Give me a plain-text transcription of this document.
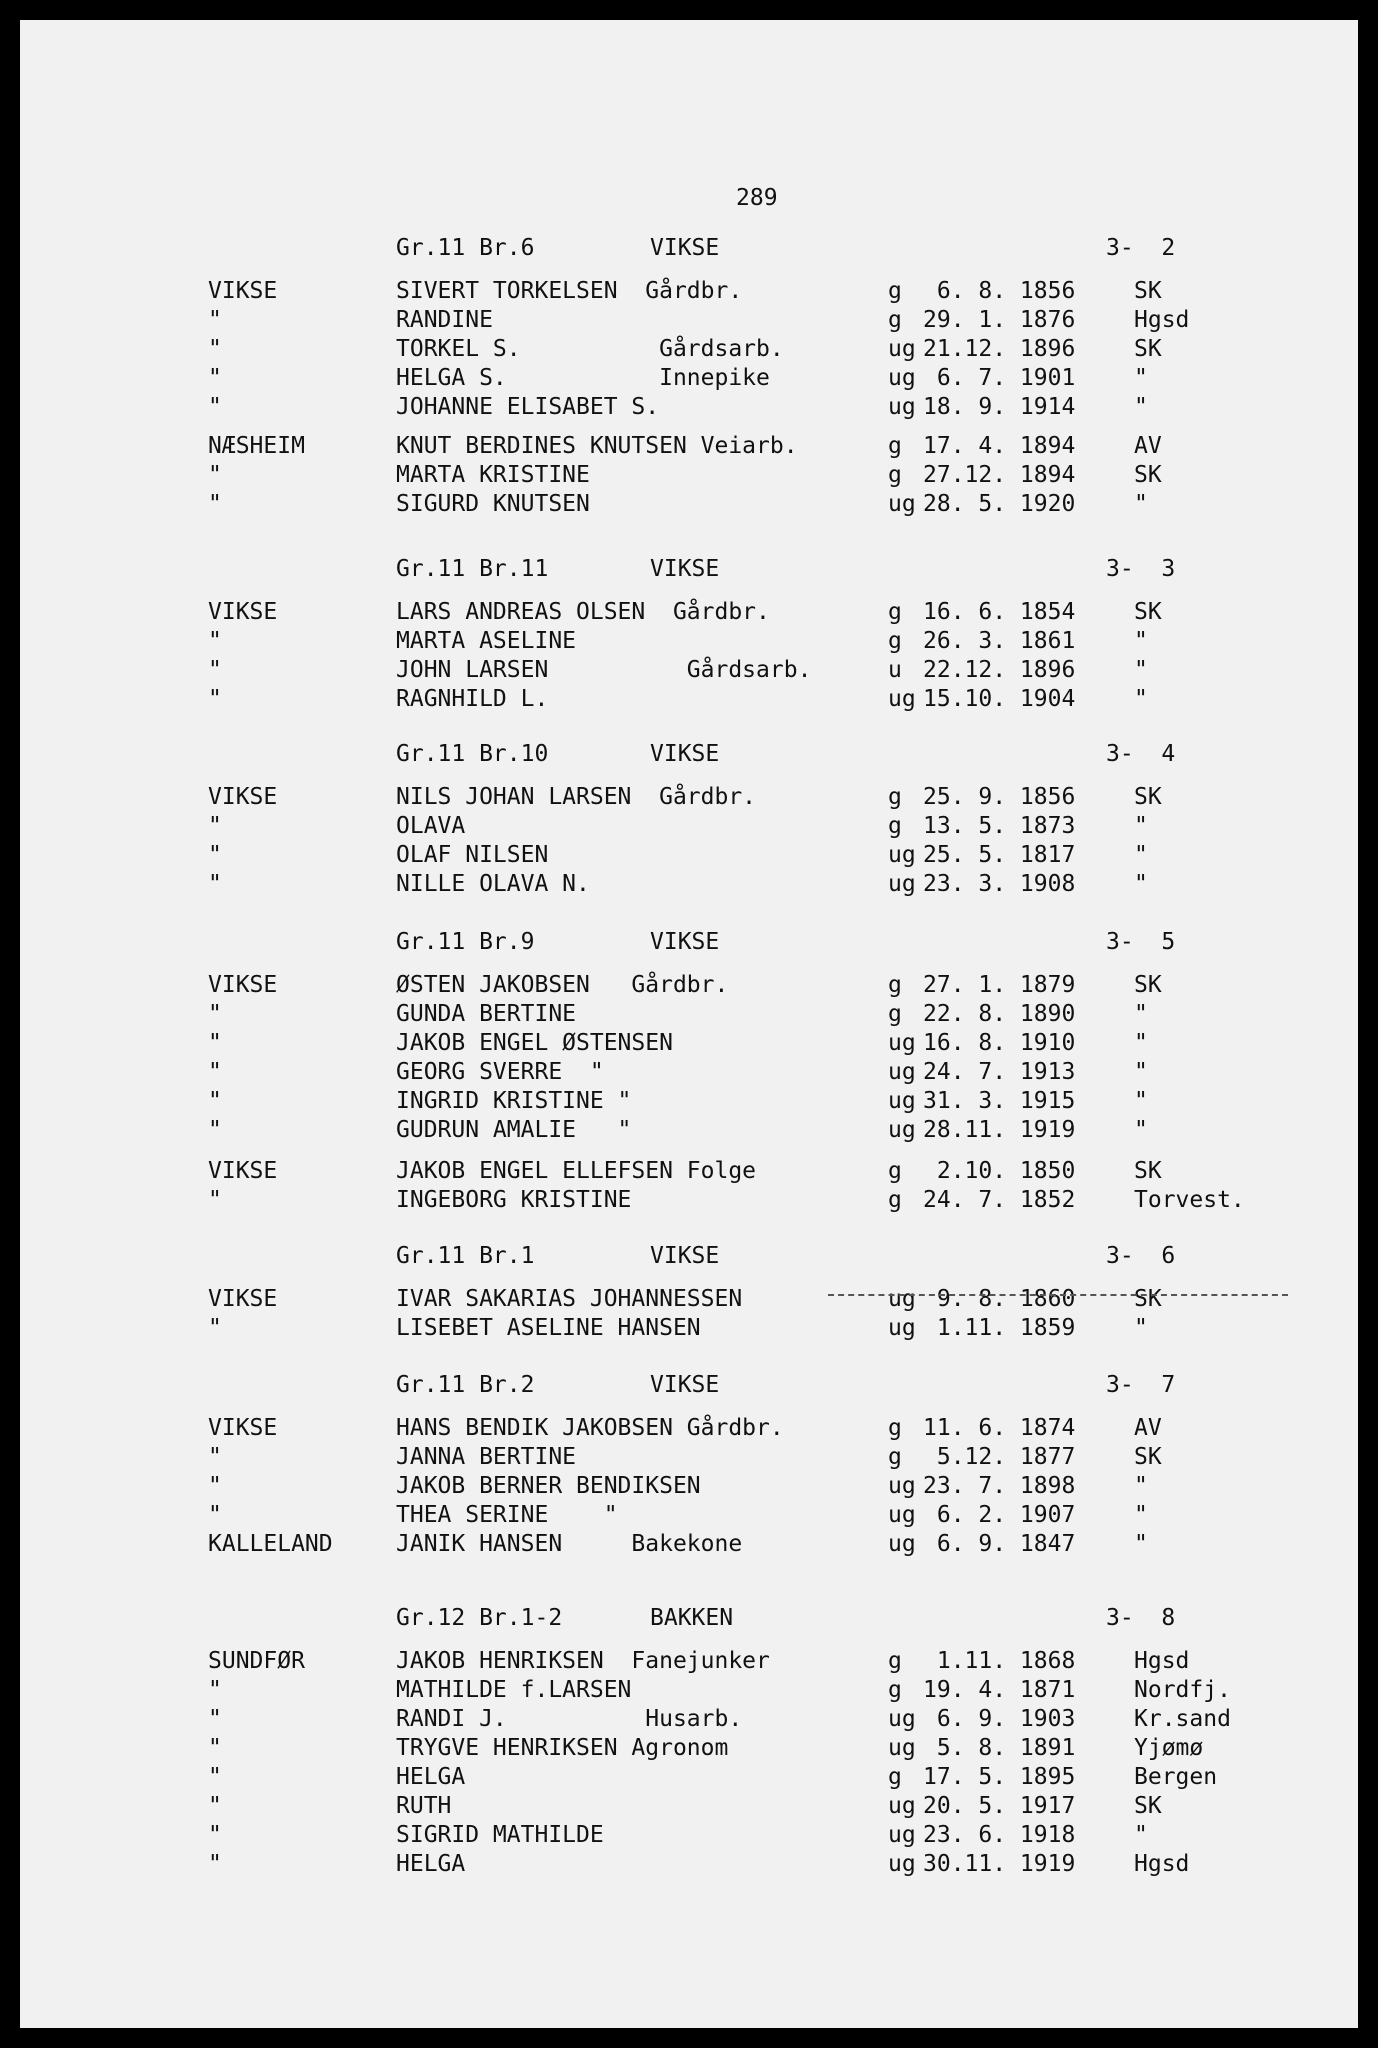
289
Gr.11 Br.6	VIKSE	3-  2
VIKSE	SIVERT TORKELSEN  Gårdbr.	g 6. 8. 1856	SK
"	RANDINE	g 29. 1. 1876	Hgsd
"	TORKEL S.          Gårdsarb.	ug 21.12. 1896	SK
"	HELGA S.           Innepike	ug 6. 7. 1901	"
"	JOHANNE ELISABET S.	ug 18. 9. 1914	"
NÆSHEIM	KNUT BERDINES KNUTSEN Veiarb.	g 17. 4. 1894	AV
"	MARTA KRISTINE	g 27.12. 1894	SK
"	SIGURD KNUTSEN	ug 28. 5. 1920	"
Gr.11 Br.11	VIKSE	3-  3
VIKSE	LARS ANDREAS OLSEN  Gårdbr.	g 16. 6. 1854	SK
"	MARTA ASELINE	g 26. 3. 1861	"
"	JOHN LARSEN          Gårdsarb.	u 22.12. 1896	"
"	RAGNHILD L.	ug 15.10. 1904	"
Gr.11 Br.10	VIKSE	3-  4
VIKSE	NILS JOHAN LARSEN  Gårdbr.	g 25. 9. 1856	SK
"	OLAVA	g 13. 5. 1873	"
"	OLAF NILSEN	ug 25. 5. 1817	"
"	NILLE OLAVA N.	ug 23. 3. 1908	"
Gr.11 Br.9	VIKSE	3-  5
VIKSE	ØSTEN JAKOBSEN   Gårdbr.	g 27. 1. 1879	SK
"	GUNDA BERTINE	g 22. 8. 1890	"
"	JAKOB ENGEL ØSTENSEN	ug 16. 8. 1910	"
"	GEORG SVERRE  "	ug 24. 7. 1913	"
"	INGRID KRISTINE "	ug 31. 3. 1915	"
"	GUDRUN AMALIE   "	ug 28.11. 1919	"
VIKSE	JAKOB ENGEL ELLEFSEN Folge	g 2.10. 1850	SK
"	INGEBORG KRISTINE	g 24. 7. 1852	Torvest.
Gr.11 Br.1	VIKSE	3-  6
VIKSE	IVAR SAKARIAS JOHANNESSEN	ug 9. 8. 1860	SK
"	LISEBET ASELINE HANSEN	ug 1.11. 1859	"
Gr.11 Br.2	VIKSE	3-  7
VIKSE	HANS BENDIK JAKOBSEN Gårdbr.	g 11. 6. 1874	AV
"	JANNA BERTINE	g 5.12. 1877	SK
"	JAKOB BERNER BENDIKSEN	ug 23. 7. 1898	"
"	THEA SERINE    "	ug 6. 2. 1907	"
KALLELAND	JANIK HANSEN     Bakekone	ug 6. 9. 1847	"
Gr.12 Br.1-2	BAKKEN	3-  8
SUNDFØR	JAKOB HENRIKSEN  Fanejunker	g 1.11. 1868	Hgsd
"	MATHILDE f.LARSEN	g 19. 4. 1871	Nordfj.
"	RANDI J.          Husarb.	ug 6. 9. 1903	Kr.sand
"	TRYGVE HENRIKSEN Agronom	ug 5. 8. 1891	Yjømø
"	HELGA	g 17. 5. 1895	Bergen
"	RUTH	ug 20. 5. 1917	SK
"	SIGRID MATHILDE	ug 23. 6. 1918	"
"	HELGA	ug 30.11. 1919	Hgsd
